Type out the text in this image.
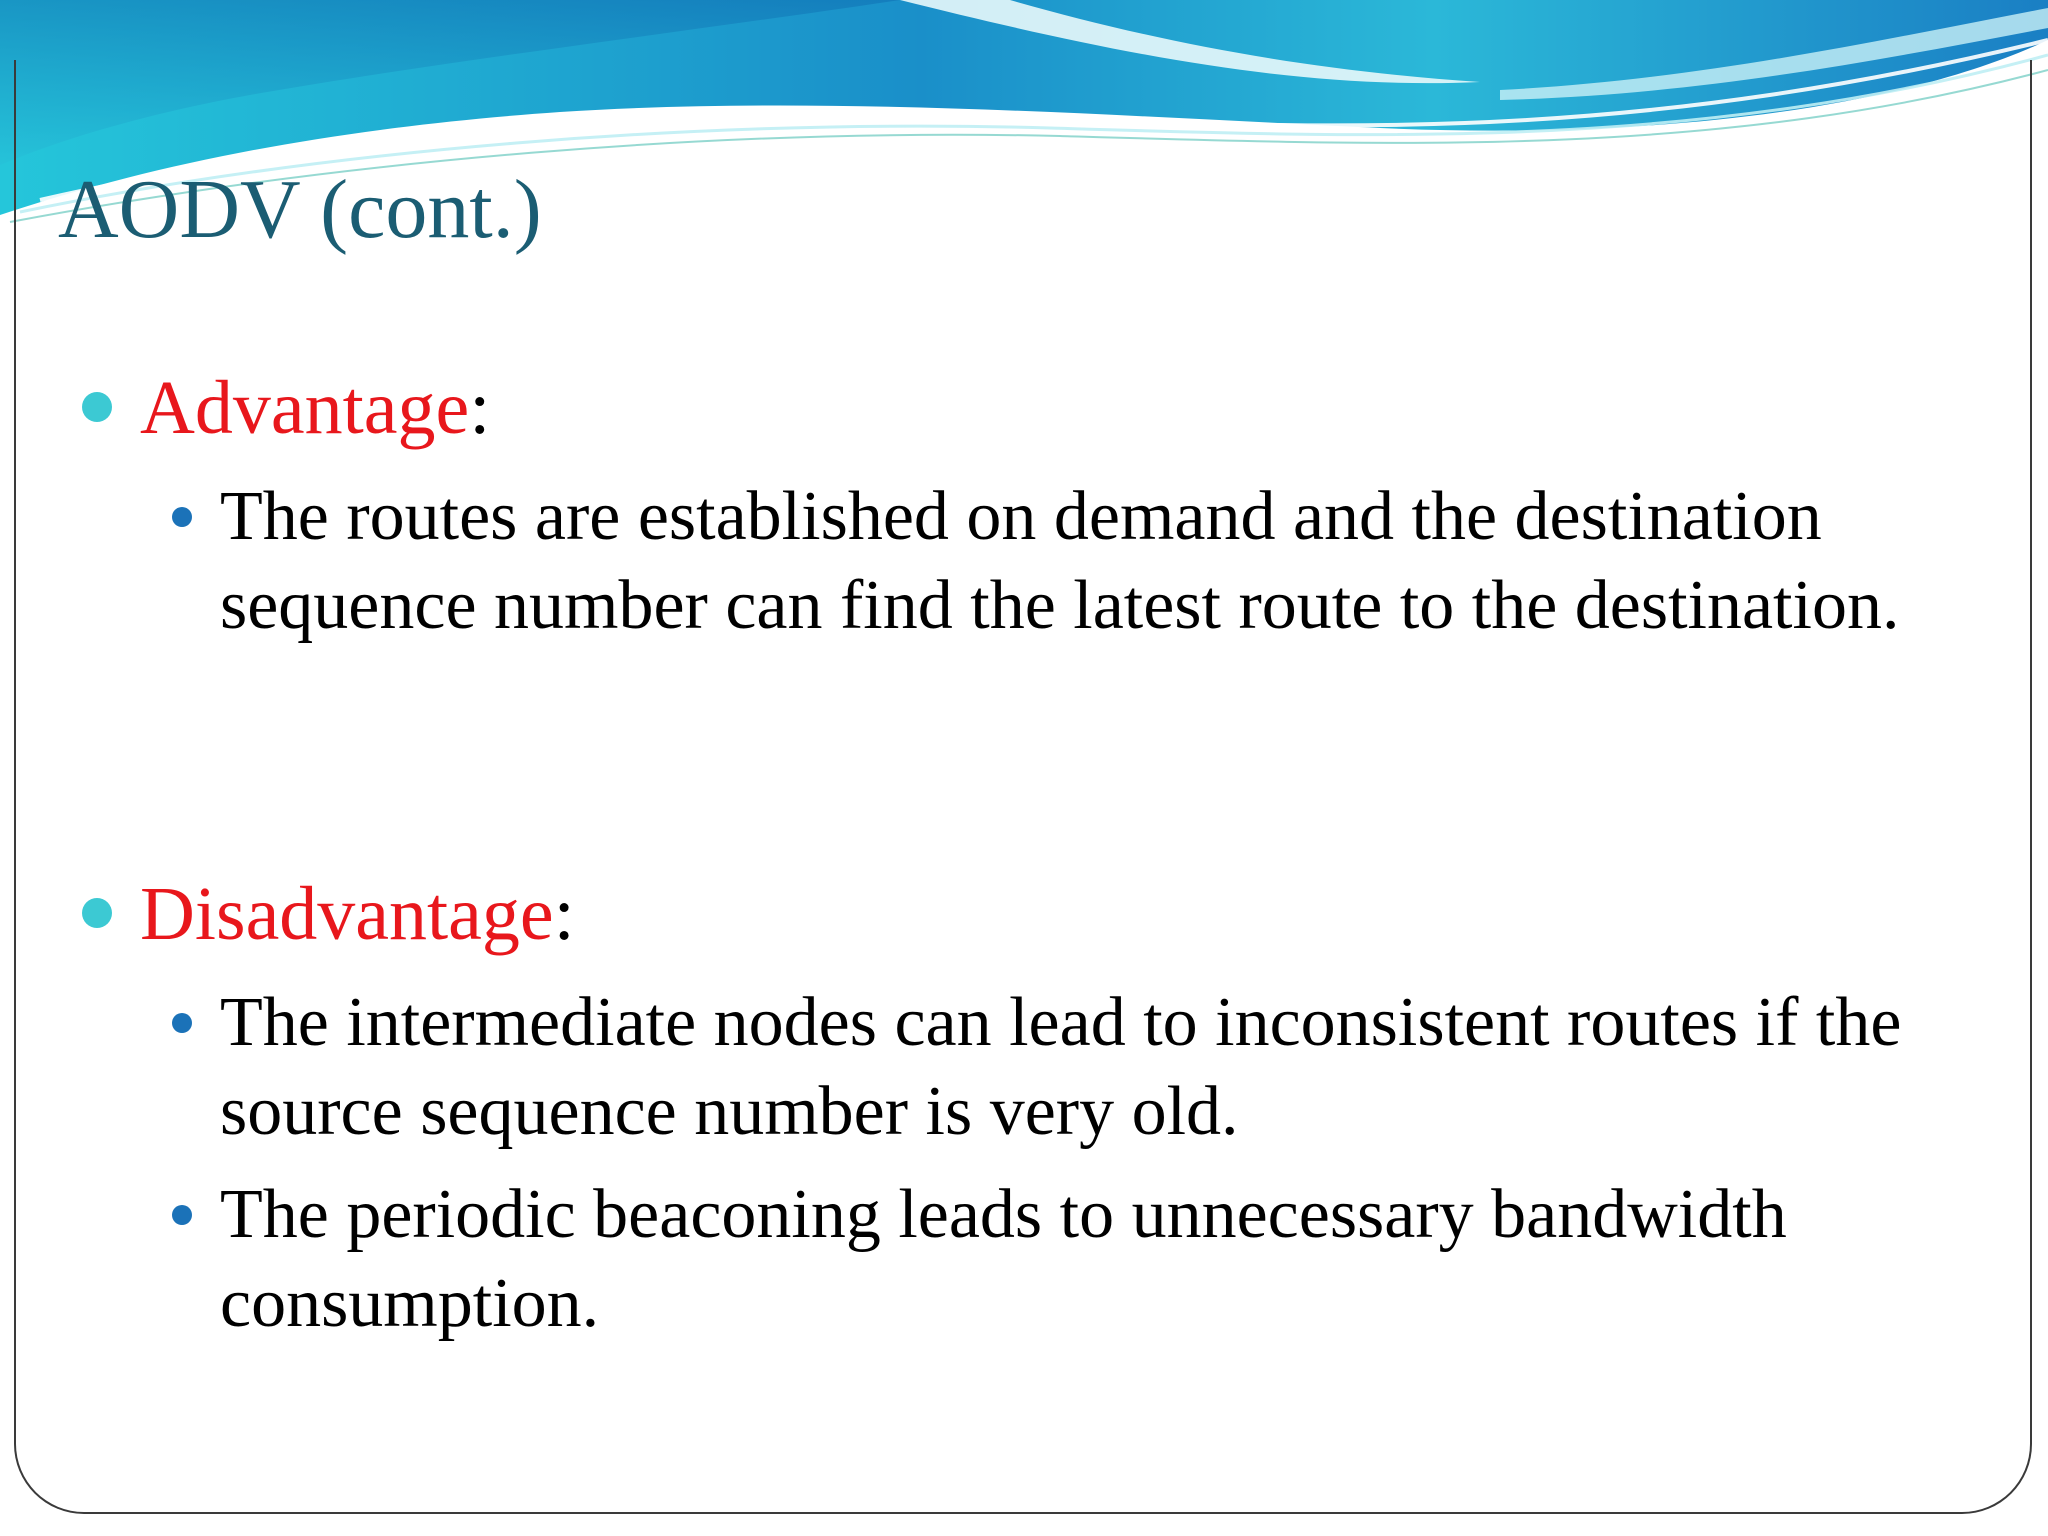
AODV (cont.)
Advantage:
The routes are established on demand and the destination sequence number can find the latest route to the destination.
Disadvantage:
The intermediate nodes can lead to inconsistent routes if the source sequence number is very old.
The periodic beaconing leads to unnecessary bandwidth consumption.
